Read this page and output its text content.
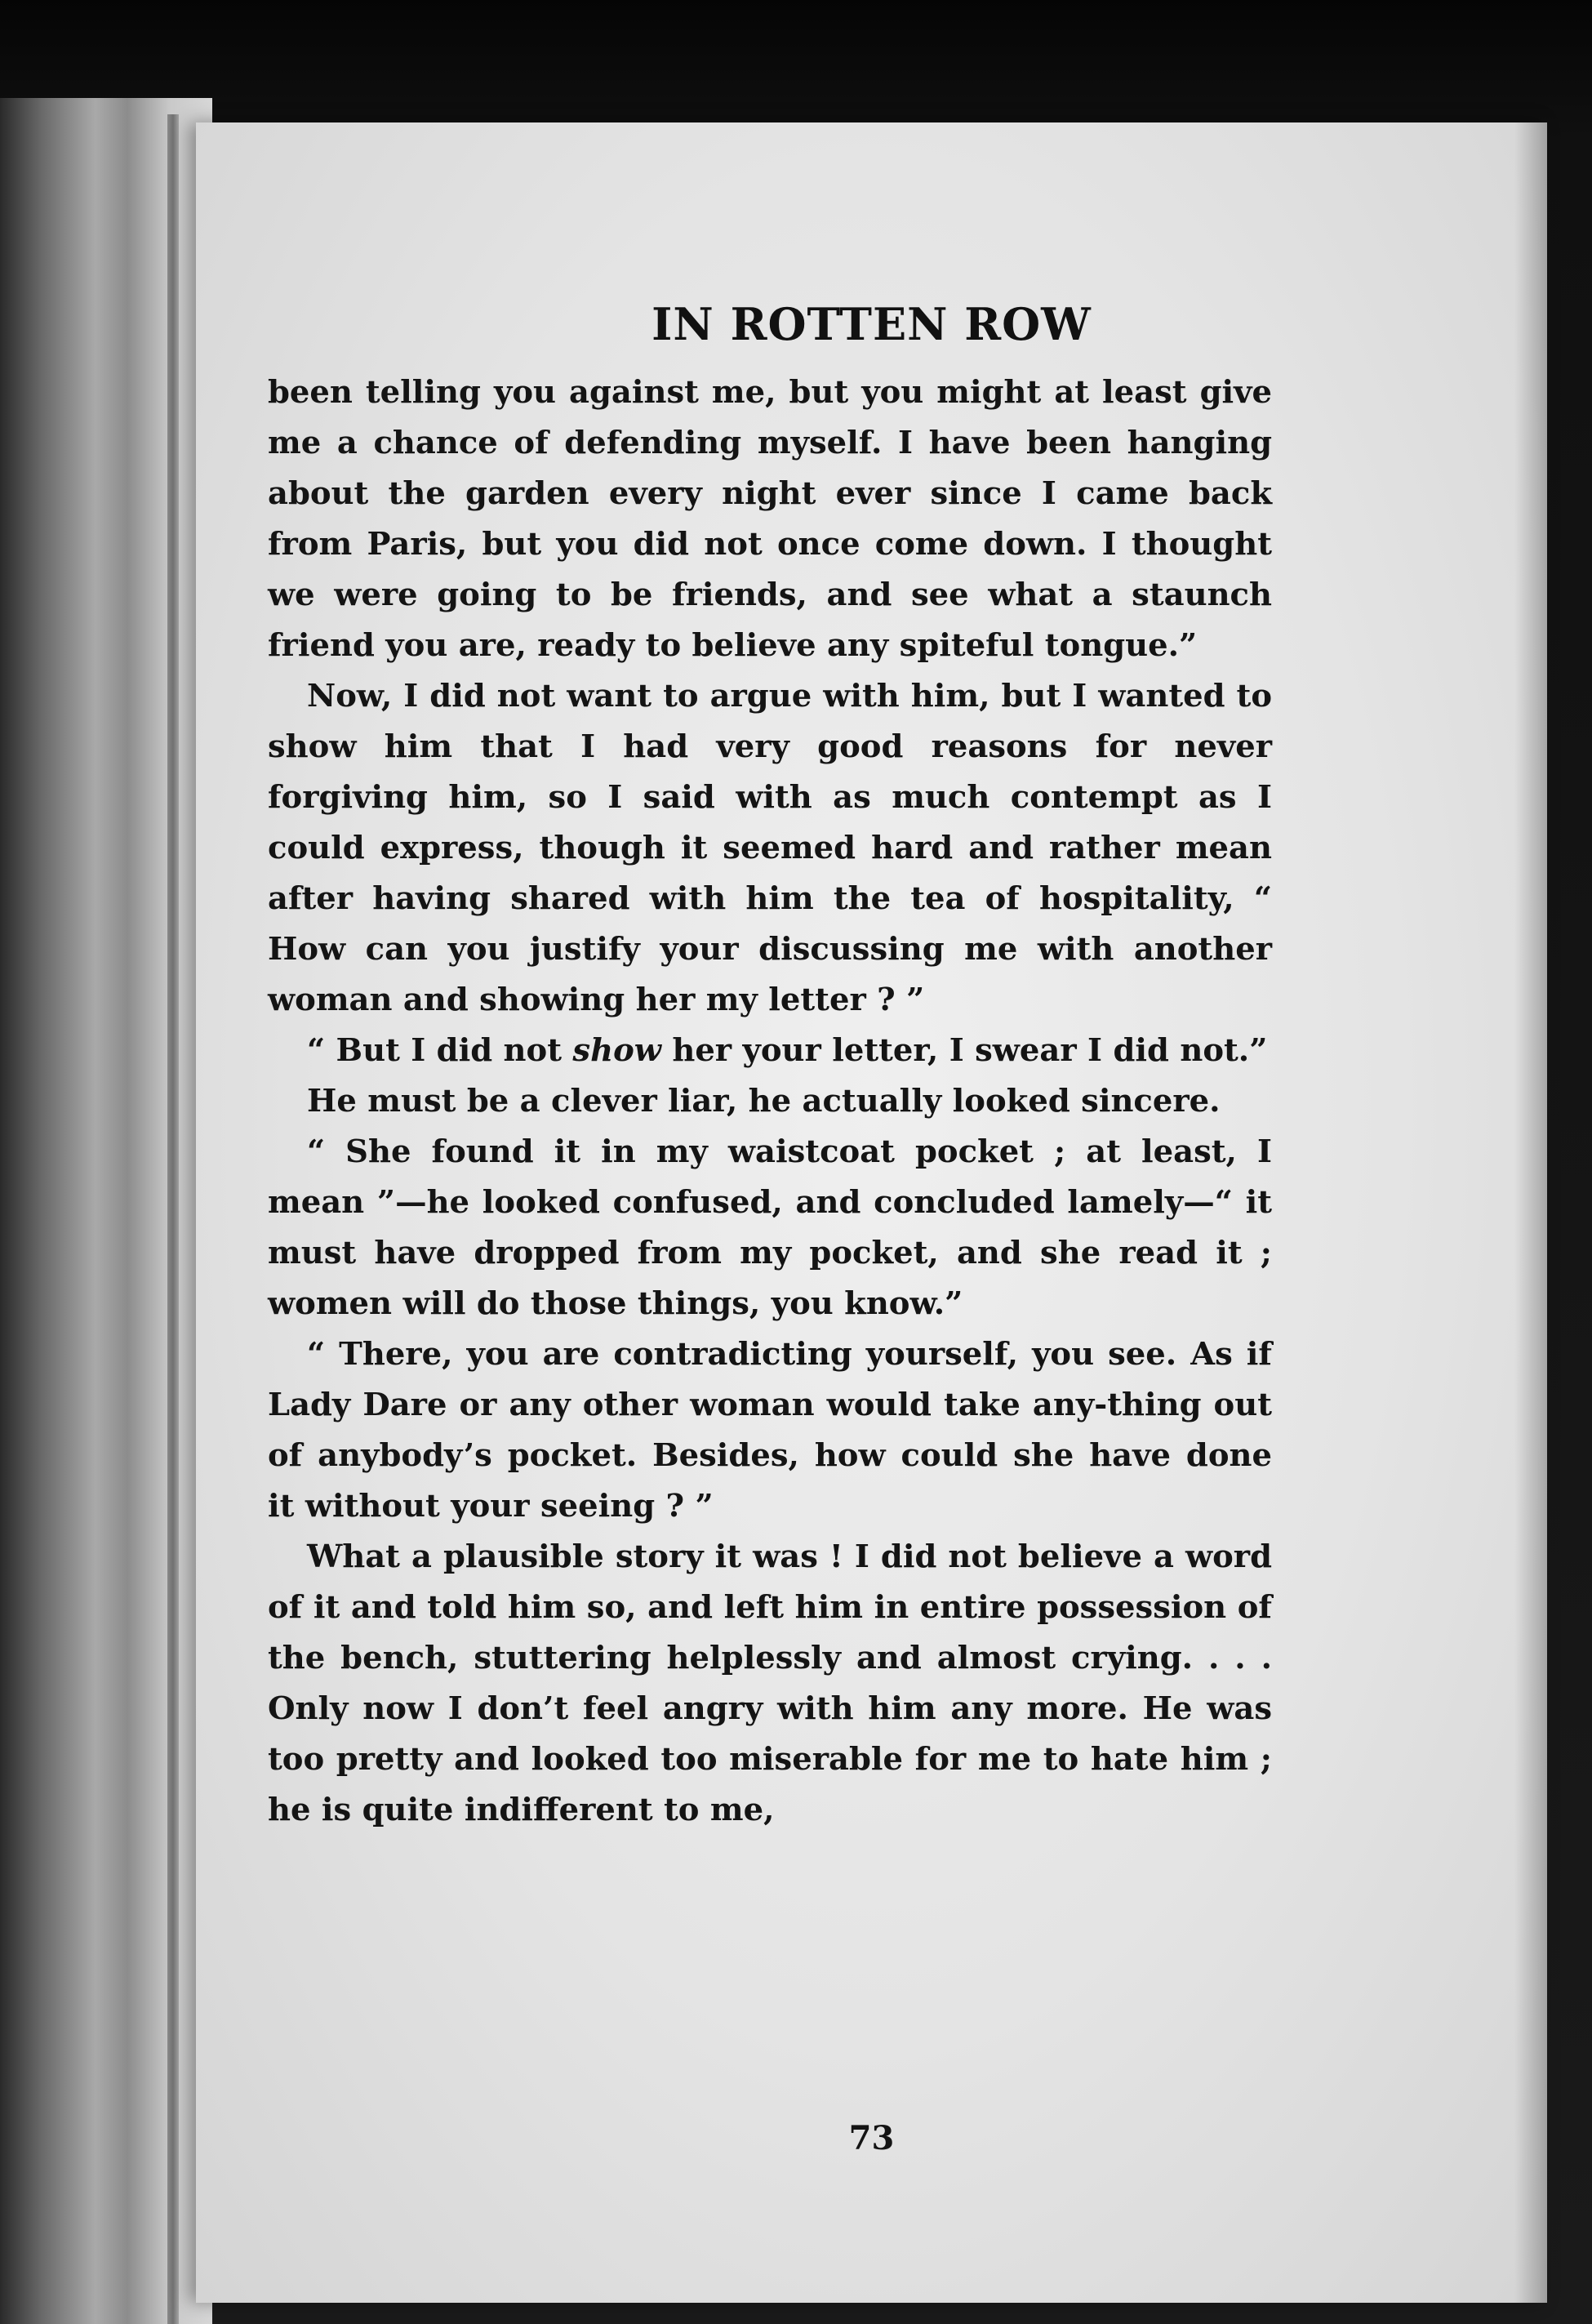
IN ROTTEN ROW

been telling you against me, but you might at least give me a chance of defending myself. I have been hanging about the garden every night ever since I came back from Paris, but you did not once come down. I thought we were going to be friends, and see what a staunch friend you are, ready to believe any spiteful tongue.”

Now, I did not want to argue with him, but I wanted to show him that I had very good reasons for never forgiving him, so I said with as much contempt as I could express, though it seemed hard and rather mean after having shared with him the tea of hospitality, “ How can you justify your discussing me with another woman and showing her my letter ? ”

“ But I did not show her your letter, I swear I did not.”

He must be a clever liar, he actually looked sincere.

“ She found it in my waistcoat pocket ; at least, I mean ”—he looked confused, and concluded lamely—“ it must have dropped from my pocket, and she read it ; women will do those things, you know.”

“ There, you are contradicting yourself, you see. As if Lady Dare or any other woman would take any-thing out of anybody’s pocket. Besides, how could she have done it without your seeing ? ”

What a plausible story it was ! I did not believe a word of it and told him so, and left him in entire possession of the bench, stuttering helplessly and almost crying. . . . Only now I don’t feel angry with him any more. He was too pretty and looked too miserable for me to hate him ; he is quite indifferent to me,

73
